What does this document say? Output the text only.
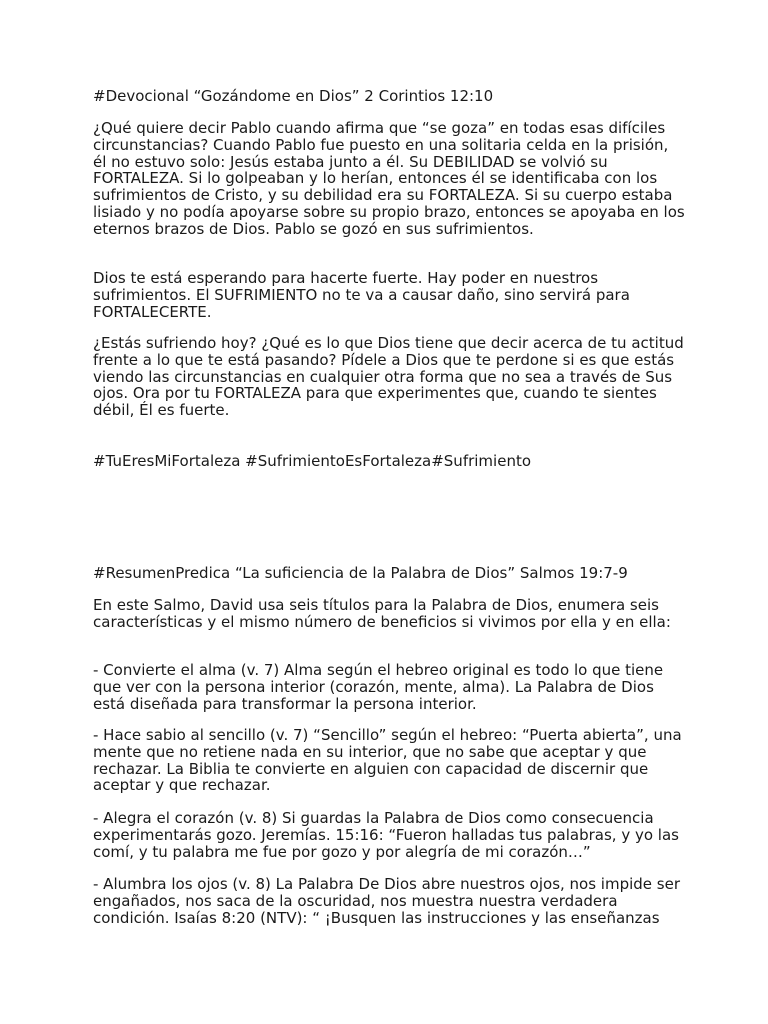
#Devocional “Gozándome en Dios” 2 Corintios 12:10

¿Qué quiere decir Pablo cuando afirma que “se goza” en todas esas difíciles circunstancias? Cuando Pablo fue puesto en una solitaria celda en la prisión, él no estuvo solo: Jesús estaba junto a él. Su DEBILIDAD se volvió su FORTALEZA. Si lo golpeaban y lo herían, entonces él se identificaba con los sufrimientos de Cristo, y su debilidad era su FORTALEZA. Si su cuerpo estaba lisiado y no podía apoyarse sobre su propio brazo, entonces se apoyaba en los eternos brazos de Dios. Pablo se gozó en sus sufrimientos.

Dios te está esperando para hacerte fuerte. Hay poder en nuestros sufrimientos. El SUFRIMIENTO no te va a causar daño, sino servirá para FORTALECERTE.

¿Estás sufriendo hoy? ¿Qué es lo que Dios tiene que decir acerca de tu actitud frente a lo que te está pasando? Pídele a Dios que te perdone si es que estás viendo las circunstancias en cualquier otra forma que no sea a través de Sus ojos. Ora por tu FORTALEZA para que experimentes que, cuando te sientes débil, Él es fuerte.

#TuEresMiFortaleza #SufrimientoEsFortaleza#Sufrimiento

#ResumenPredica “La suficiencia de la Palabra de Dios” Salmos 19:7-9

En este Salmo, David usa seis títulos para la Palabra de Dios, enumera seis características y el mismo número de beneficios si vivimos por ella y en ella:

- Convierte el alma (v. 7) Alma según el hebreo original es todo lo que tiene que ver con la persona interior (corazón, mente, alma). La Palabra de Dios está diseñada para transformar la persona interior.

- Hace sabio al sencillo (v. 7) “Sencillo” según el hebreo: “Puerta abierta”, una mente que no retiene nada en su interior, que no sabe que aceptar y que rechazar. La Biblia te convierte en alguien con capacidad de discernir que aceptar y que rechazar.

- Alegra el corazón (v. 8) Si guardas la Palabra de Dios como consecuencia experimentarás gozo. Jeremías. 15:16: “Fueron halladas tus palabras, y yo las comí, y tu palabra me fue por gozo y por alegría de mi corazón…”

- Alumbra los ojos (v. 8) La Palabra De Dios abre nuestros ojos, nos impide ser engañados, nos saca de la oscuridad, nos muestra nuestra verdadera condición. Isaías 8:20 (NTV): “ ¡Busquen las instrucciones y las enseñanzas
